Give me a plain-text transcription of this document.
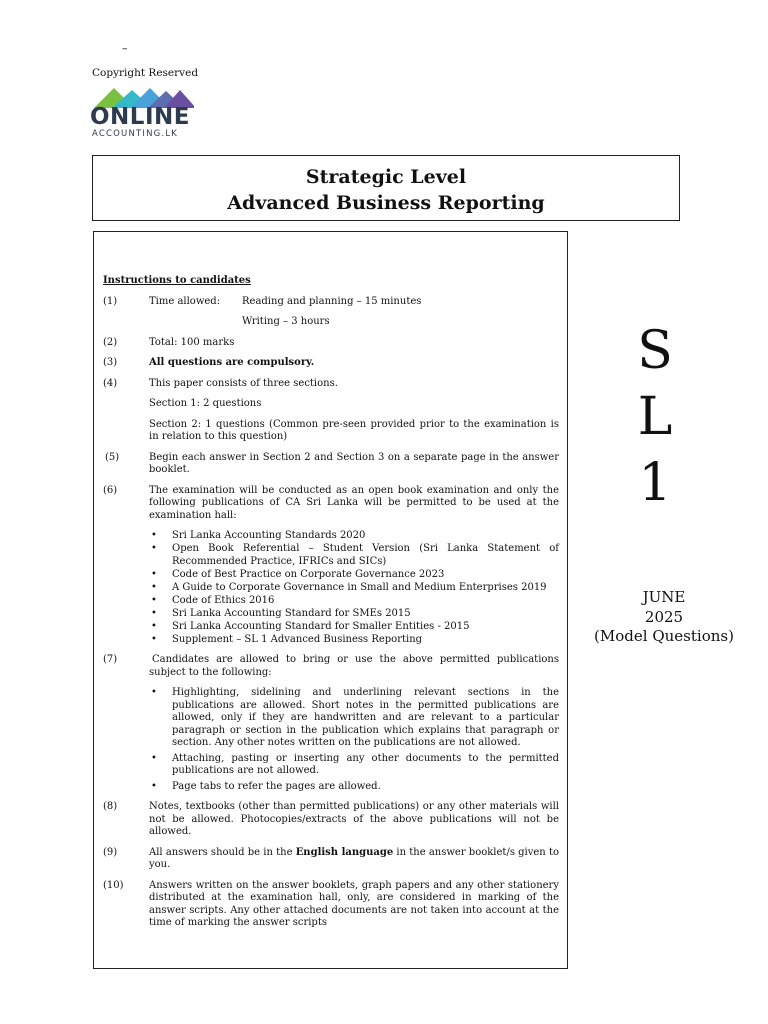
–
Copyright Reserved
ONLINE
ACCOUNTING.LK
Strategic Level
Advanced Business Reporting
Instructions to candidates
(1)	Time allowed:	Reading and planning – 15 minutes
Writing – 3 hours
(2)	Total: 100 marks
(3)	All questions are compulsory.
(4)	This paper consists of three sections.
Section 1: 2 questions
Section 2: 1 questions (Common pre-seen provided prior to the examination is in relation to this question)
(5)	Begin each answer in Section 2 and Section 3 on a separate page in the answer booklet.
(6)	The examination will be conducted as an open book examination and only the following publications of CA Sri Lanka will be permitted to be used at the examination hall:
• Sri Lanka Accounting Standards 2020
• Open Book Referential – Student Version (Sri Lanka Statement of Recommended Practice, IFRICs and SICs)
• Code of Best Practice on Corporate Governance 2023
• A Guide to Corporate Governance in Small and Medium Enterprises 2019
• Code of Ethics 2016
• Sri Lanka Accounting Standard for SMEs 2015
• Sri Lanka Accounting Standard for Smaller Entities - 2015
• Supplement – SL 1 Advanced Business Reporting
(7)	Candidates are allowed to bring or use the above permitted publications subject to the following:
• Highlighting, sidelining and underlining relevant sections in the publications are allowed. Short notes in the permitted publications are allowed, only if they are handwritten and are relevant to a particular paragraph or section in the publication which explains that paragraph or section. Any other notes written on the publications are not allowed.
• Attaching, pasting or inserting any other documents to the permitted publications are not allowed.
• Page tabs to refer the pages are allowed.
(8)	Notes, textbooks (other than permitted publications) or any other materials will not be allowed. Photocopies/extracts of the above publications will not be allowed.
(9)	All answers should be in the English language in the answer booklet/s given to you.
(10)	Answers written on the answer booklets, graph papers and any other stationery distributed at the examination hall, only, are considered in marking of the answer scripts. Any other attached documents are not taken into account at the time of marking the answer scripts
S
L
1
JUNE
2025
(Model Questions)
